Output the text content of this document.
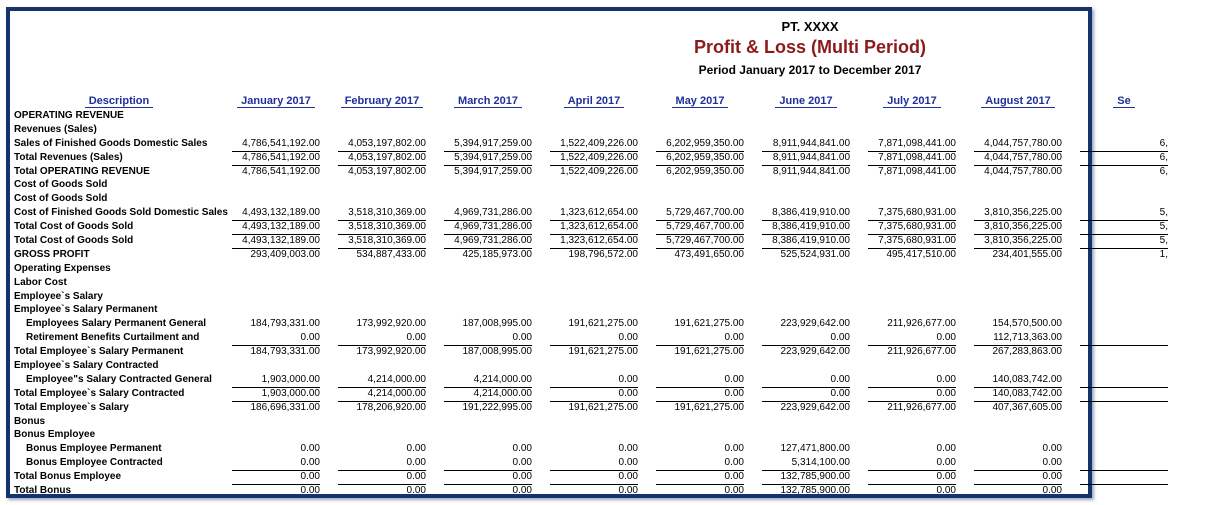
PT. XXXX
Profit & Loss (Multi Period)
Period January 2017 to December 2017
Description	January 2017	February 2017	March 2017	April 2017	May 2017	June 2017	July 2017	August 2017	Se
OPERATING REVENUE
Revenues (Sales)
Sales of Finished Goods Domestic Sales	4,786,541,192.00	4,053,197,802.00	5,394,917,259.00	1,522,409,226.00	6,202,959,350.00	8,911,944,841.00	7,871,098,441.00	4,044,757,780.00	6,
Total Revenues (Sales)	4,786,541,192.00	4,053,197,802.00	5,394,917,259.00	1,522,409,226.00	6,202,959,350.00	8,911,944,841.00	7,871,098,441.00	4,044,757,780.00	6,
Total OPERATING REVENUE	4,786,541,192.00	4,053,197,802.00	5,394,917,259.00	1,522,409,226.00	6,202,959,350.00	8,911,944,841.00	7,871,098,441.00	4,044,757,780.00	6,
Cost of Goods Sold
Cost of Goods Sold
Cost of Finished Goods Sold Domestic Sales	4,493,132,189.00	3,518,310,369.00	4,969,731,286.00	1,323,612,654.00	5,729,467,700.00	8,386,419,910.00	7,375,680,931.00	3,810,356,225.00	5,
Total Cost of Goods Sold	4,493,132,189.00	3,518,310,369.00	4,969,731,286.00	1,323,612,654.00	5,729,467,700.00	8,386,419,910.00	7,375,680,931.00	3,810,356,225.00	5,
Total Cost of Goods Sold	4,493,132,189.00	3,518,310,369.00	4,969,731,286.00	1,323,612,654.00	5,729,467,700.00	8,386,419,910.00	7,375,680,931.00	3,810,356,225.00	5,
GROSS PROFIT	293,409,003.00	534,887,433.00	425,185,973.00	198,796,572.00	473,491,650.00	525,524,931.00	495,417,510.00	234,401,555.00	1,
Operating Expenses
Labor Cost
Employee`s Salary
Employee`s Salary Permanent
Employees Salary Permanent General	184,793,331.00	173,992,920.00	187,008,995.00	191,621,275.00	191,621,275.00	223,929,642.00	211,926,677.00	154,570,500.00
Retirement Benefits Curtailment and	0.00	0.00	0.00	0.00	0.00	0.00	0.00	112,713,363.00
Total Employee`s Salary Permanent	184,793,331.00	173,992,920.00	187,008,995.00	191,621,275.00	191,621,275.00	223,929,642.00	211,926,677.00	267,283,863.00
Employee`s Salary Contracted
Employee"s Salary Contracted General	1,903,000.00	4,214,000.00	4,214,000.00	0.00	0.00	0.00	0.00	140,083,742.00
Total Employee`s Salary Contracted	1,903,000.00	4,214,000.00	4,214,000.00	0.00	0.00	0.00	0.00	140,083,742.00
Total Employee`s Salary	186,696,331.00	178,206,920.00	191,222,995.00	191,621,275.00	191,621,275.00	223,929,642.00	211,926,677.00	407,367,605.00
Bonus
Bonus Employee
Bonus Employee Permanent	0.00	0.00	0.00	0.00	0.00	127,471,800.00	0.00	0.00
Bonus Employee Contracted	0.00	0.00	0.00	0.00	0.00	5,314,100.00	0.00	0.00
Total Bonus Employee	0.00	0.00	0.00	0.00	0.00	132,785,900.00	0.00	0.00
Total Bonus	0.00	0.00	0.00	0.00	0.00	132,785,900.00	0.00	0.00
